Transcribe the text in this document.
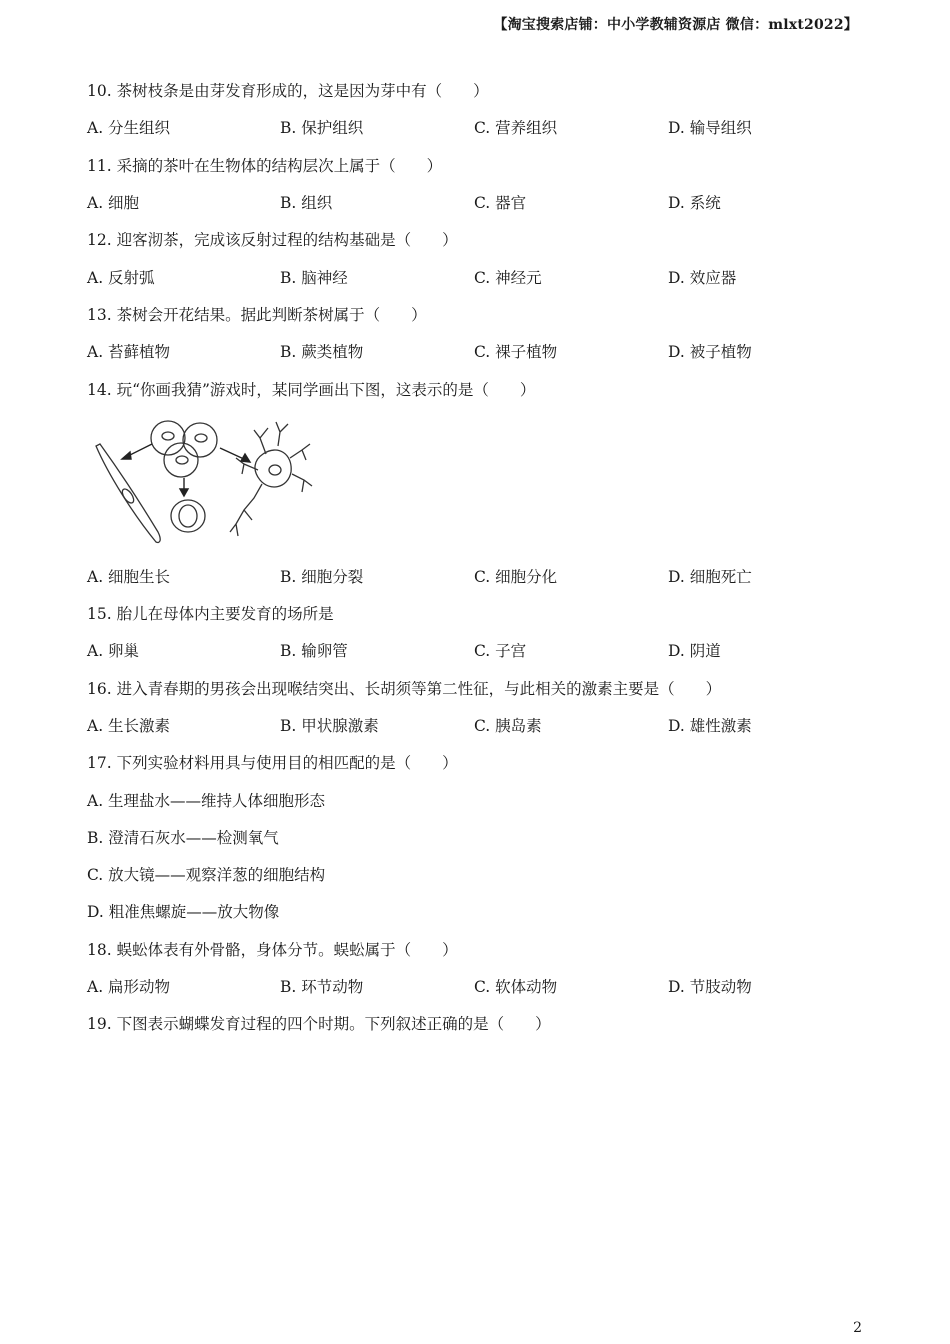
【淘宝搜索店铺：中小学教辅资源店 微信：mlxt2022】
10. 茶树枝条是由芽发育形成的，这是因为芽中有（　　）
A. 分生组织	B. 保护组织	C. 营养组织	D. 输导组织
11. 采摘的茶叶在生物体的结构层次上属于（　　）
A. 细胞	B. 组织	C. 器官	D. 系统
12. 迎客沏茶，完成该反射过程的结构基础是（　　）
A. 反射弧	B. 脑神经	C. 神经元	D. 效应器
13. 茶树会开花结果。据此判断茶树属于（　　）
A. 苔藓植物	B. 蕨类植物	C. 裸子植物	D. 被子植物
14. 玩“你画我猜”游戏时，某同学画出下图，这表示的是（　　）
A. 细胞生长	B. 细胞分裂	C. 细胞分化	D. 细胞死亡
15. 胎儿在母体内主要发育的场所是
A. 卵巢	B. 输卵管	C. 子宫	D. 阴道
16. 进入青春期的男孩会出现喉结突出、长胡须等第二性征，与此相关的激素主要是（　　）
A. 生长激素	B. 甲状腺激素	C. 胰岛素	D. 雄性激素
17. 下列实验材料用具与使用目的相匹配的是（　　）
A. 生理盐水——维持人体细胞形态
B. 澄清石灰水——检测氧气
C. 放大镜——观察洋葱的细胞结构
D. 粗准焦螺旋——放大物像
18. 蜈蚣体表有外骨骼，身体分节。蜈蚣属于（　　）
A. 扁形动物	B. 环节动物	C. 软体动物	D. 节肢动物
19. 下图表示蝴蝶发育过程的四个时期。下列叙述正确的是（　　）
2
